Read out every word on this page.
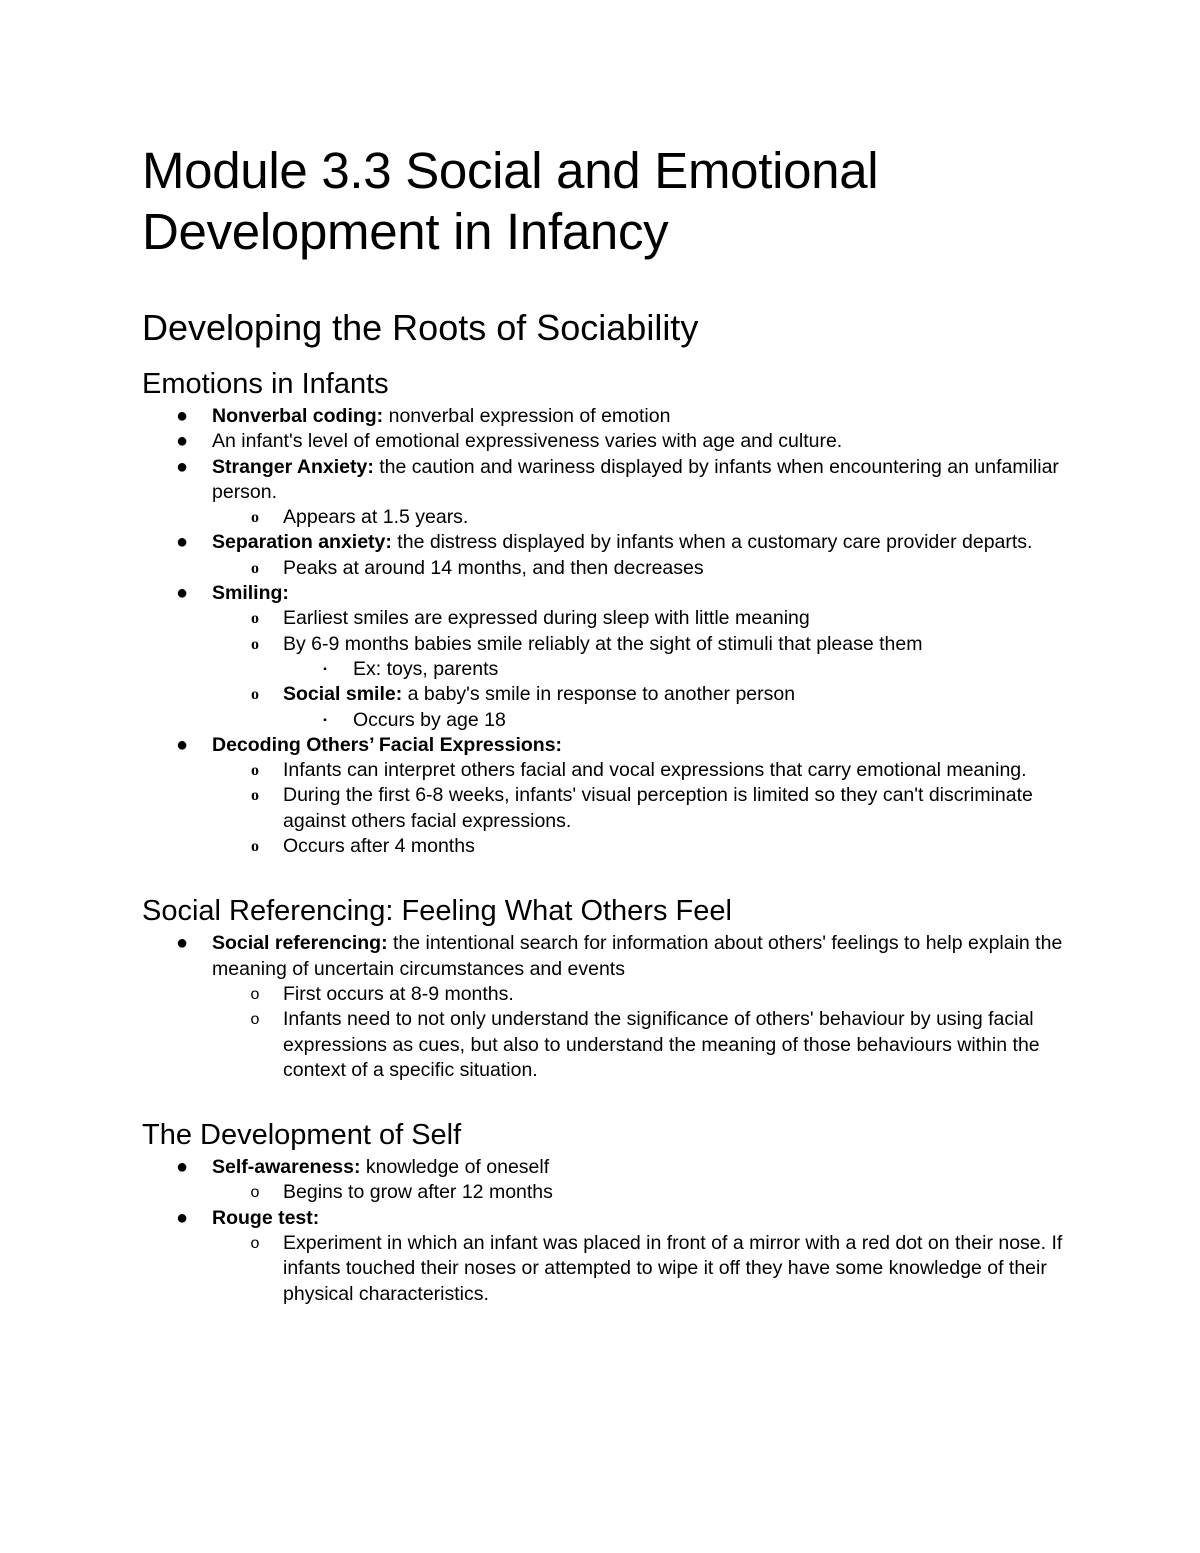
Module 3.3 Social and Emotional Development in Infancy
Developing the Roots of Sociability
Emotions in Infants
● Nonverbal coding: nonverbal expression of emotion
● An infant's level of emotional expressiveness varies with age and culture.
● Stranger Anxiety: the caution and wariness displayed by infants when encountering an unfamiliar person.
o	Appears at 1.5 years.
● Separation anxiety: the distress displayed by infants when a customary care provider departs.
o	Peaks at around 14 months, and then decreases
● Smiling:
o	Earliest smiles are expressed during sleep with little meaning
o	By 6-9 months babies smile reliably at the sight of stimuli that please them
▪	Ex: toys, parents
o	Social smile: a baby's smile in response to another person
▪	Occurs by age 18
● Decoding Others’ Facial Expressions:
o	Infants can interpret others facial and vocal expressions that carry emotional meaning.
o	During the first 6-8 weeks, infants' visual perception is limited so they can't discriminate against others facial expressions.
o	Occurs after 4 months
Social Referencing: Feeling What Others Feel
● Social referencing: the intentional search for information about others' feelings to help explain the meaning of uncertain circumstances and events
o First occurs at 8-9 months.
o Infants need to not only understand the significance of others' behaviour by using facial expressions as cues, but also to understand the meaning of those behaviours within the context of a specific situation.
The Development of Self
● Self-awareness: knowledge of oneself
o Begins to grow after 12 months
● Rouge test:
o Experiment in which an infant was placed in front of a mirror with a red dot on their nose. If infants touched their noses or attempted to wipe it off they have some knowledge of their physical characteristics.
